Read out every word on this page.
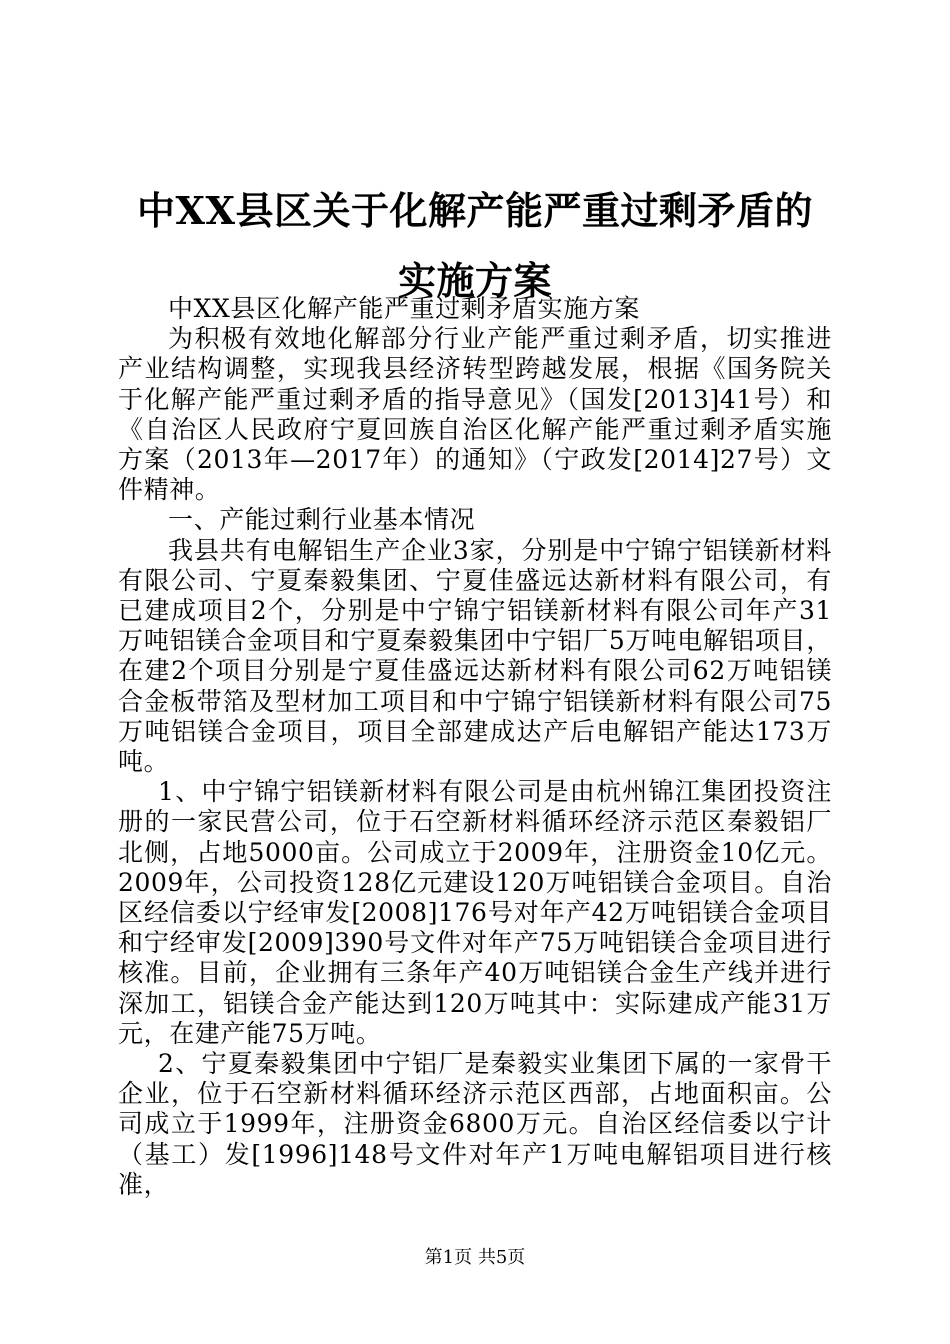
中XX县区关于化解产能严重过剩矛盾的实施方案

中XX县区化解产能严重过剩矛盾实施方案

为积极有效地化解部分行业产能严重过剩矛盾，切实推进产业结构调整，实现我县经济转型跨越发展，根据《国务院关于化解产能严重过剩矛盾的指导意见》（国发[2013]41号）和《自治区人民政府宁夏回族自治区化解产能严重过剩矛盾实施方案（2013年—2017年）的通知》（宁政发[2014]27号）文件精神。

一、产能过剩行业基本情况

我县共有电解铝生产企业3家，分别是中宁锦宁铝镁新材料有限公司、宁夏秦毅集团、宁夏佳盛远达新材料有限公司，有已建成项目2个，分别是中宁锦宁铝镁新材料有限公司年产31万吨铝镁合金项目和宁夏秦毅集团中宁铝厂5万吨电解铝项目，在建2个项目分别是宁夏佳盛远达新材料有限公司62万吨铝镁合金板带箔及型材加工项目和中宁锦宁铝镁新材料有限公司75万吨铝镁合金项目，项目全部建成达产后电解铝产能达173万吨。

1、中宁锦宁铝镁新材料有限公司是由杭州锦江集团投资注册的一家民营公司，位于石空新材料循环经济示范区秦毅铝厂北侧，占地5000亩。公司成立于2009年，注册资金10亿元。2009年，公司投资128亿元建设120万吨铝镁合金项目。自治区经信委以宁经审发[2008]176号对年产42万吨铝镁合金项目和宁经审发[2009]390号文件对年产75万吨铝镁合金项目进行核准。目前，企业拥有三条年产40万吨铝镁合金生产线并进行深加工，铝镁合金产能达到120万吨其中：实际建成产能31万元，在建产能75万吨。

2、宁夏秦毅集团中宁铝厂是秦毅实业集团下属的一家骨干企业，位于石空新材料循环经济示范区西部，占地面积亩。公司成立于1999年，注册资金6800万元。自治区经信委以宁计（基工）发[1996]148号文件对年产1万吨电解铝项目进行核准，

第1页 共5页
